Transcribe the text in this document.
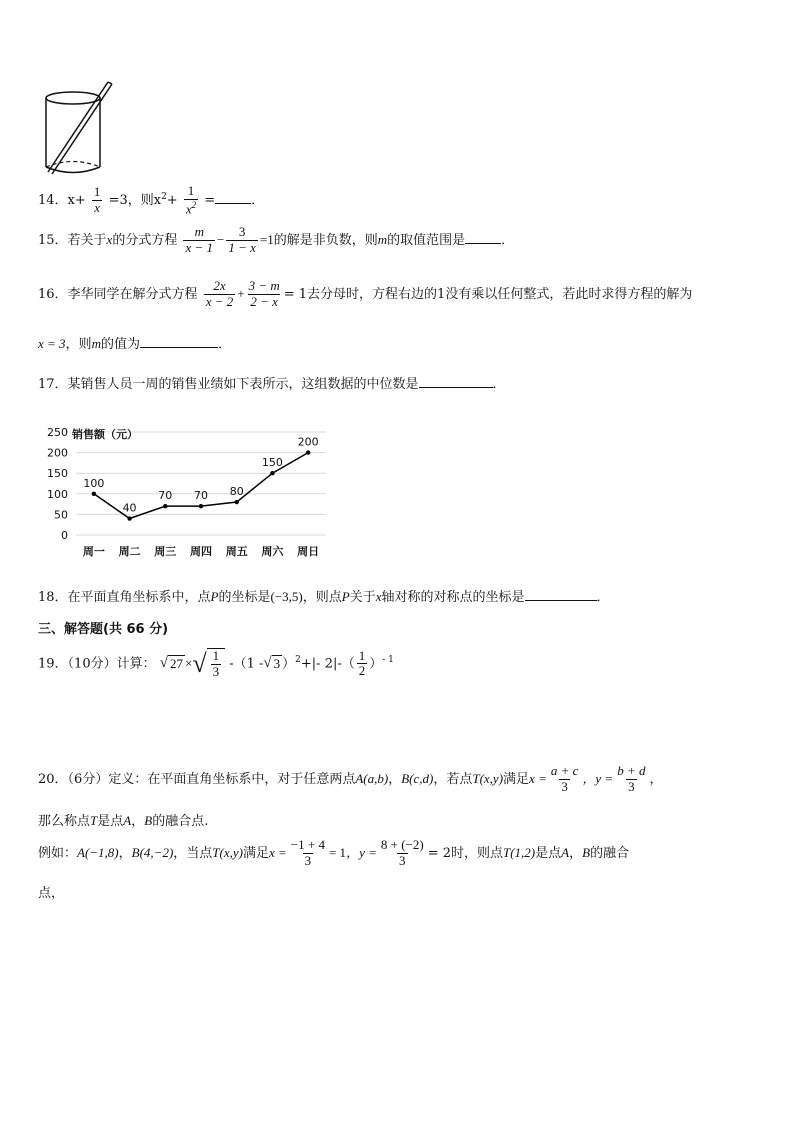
14．$x+ \frac{1}{x} =3$，则$x^2+ \frac{1}{x^2}$ =	．
15．若关于x的分式方程 $\frac{m}{x - 1} - \frac{3}{1 - x} =1$的解是非负数，则m的取值范围是	．
16．李华同学在解分式方程 $\frac{2x}{x - 2} + \frac{3 - m}{2 - x} = 1$去分母时，方程右边的1没有乘以任何整式，若此时求得方程的解为
x = 3，则m的值为	．
17．某销售人员一周的销售业绩如下表所示，这组数据的中位数是	．
250
200
150
100
50
0
销售额（元）
周一 周二 周三 周四 周五 周六 周日
100
40
70 70 80
150
200
18．在平面直角坐标系中，点P的坐标是(−3,5)，则点P关于x轴对称的对称点的坐标是	．
三、解答题(共 66 分)
19．（10分）计算： √ 27 × √ $\frac{1}{3} -(1$ - √ 3 ）$^2$+|- $2|-( \frac{1}{2} )^{- 1}$
20．（6分）定义：在平面直角坐标系中，对于任意两点A(a,b)，B(c,d)，若点T(x,y)满足$x = \frac{a + c}{3}$ ，$y = \frac{b + d}{3}$ ，
那么称点T是点A，B的融合点.
例如：A(−1,8)，B(4,−2)，当点T(x,y)满足$x = \frac{-1 + 4}{3} = 1$，$y = \frac{8 + (-2)}{3} = 2$时，则点T(1,2)是点A，B的融合
点，
